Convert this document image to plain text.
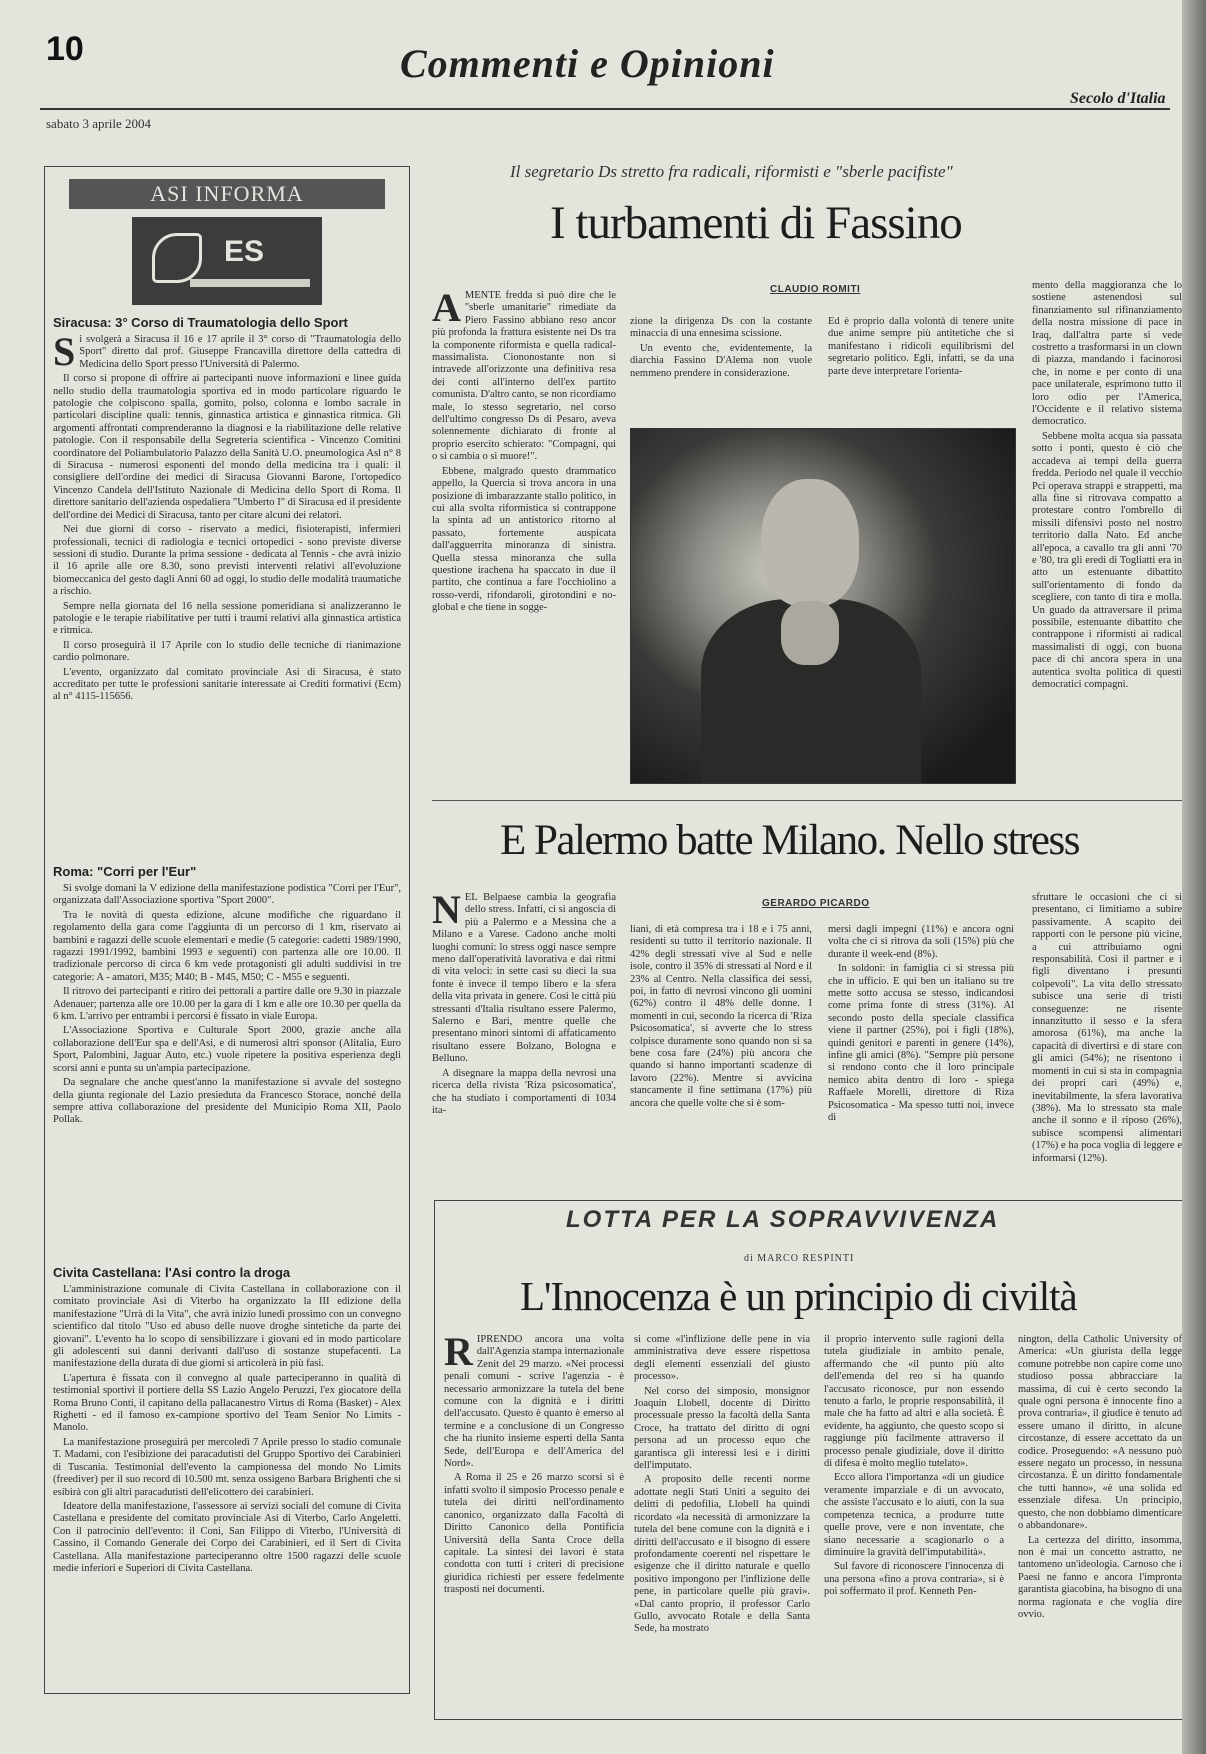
10	Commenti e Opinioni
Secolo d'Italia
sabato 3 aprile 2004
ASI INFORMA
ES
Siracusa: 3° Corso di Traumatologia dello Sport

Si svolgerà a Siracusa il 16 e 17 aprile il 3° corso di "Traumatologia dello Sport" diretto dal prof. Giuseppe Francavilla direttore della cattedra di Medicina dello Sport presso l'Università di Palermo.

Il corso si propone di offrire ai partecipanti nuove informazioni e linee guida nello studio della traumatologia sportiva ed in modo particolare riguardo le patologie che colpiscono spalla, gomito, polso, colonna e lombo sacrale in particolari discipline quali: tennis, ginnastica artistica e ginnastica ritmica. Gli argomenti affrontati comprenderanno la diagnosi e la riabilitazione delle relative patologie. Con il responsabile della Segreteria scientifica - Vincenzo Comitini coordinatore del Poliambulatorio Palazzo della Sanità U.O. pneumologica Asl n° 8 di Siracusa - numerosi esponenti del mondo della medicina tra i quali: il consigliere dell'ordine dei medici di Siracusa Giovanni Barone, l'ortopedico Vincenzo Candela dell'Istituto Nazionale di Medicina dello Sport di Roma. Il direttore sanitario dell'azienda ospedaliera "Umberto I" di Siracusa ed il presidente dell'ordine dei Medici di Siracusa, tanto per citare alcuni dei relatori.

Nei due giorni di corso - riservato a medici, fisioterapisti, infermieri professionali, tecnici di radiologia e tecnici ortopedici - sono previste diverse sessioni di studio. Durante la prima sessione - dedicata al Tennis - che avrà inizio il 16 aprile alle ore 8.30, sono previsti interventi relativi all'evoluzione biomeccanica del gesto dagli Anni 60 ad oggi, lo studio delle modalità traumatiche a rischio.

Sempre nella giornata del 16 nella sessione pomeridiana si analizzeranno le patologie e le terapie riabilitative per tutti i traumi relativi alla ginnastica artistica e ritmica.

Il corso proseguirà il 17 Aprile con lo studio delle tecniche di rianimazione cardio polmonare.

L'evento, organizzato dal comitato provinciale Asi di Siracusa, è stato accreditato per tutte le professioni sanitarie interessate ai Crediti formativi (Ecm) al n° 4115-115656.

Roma: "Corri per l'Eur"

Si svolge domani la V edizione della manifestazione podistica "Corri per l'Eur", organizzata dall'Associazione sportiva "Sport 2000".

Tra le novità di questa edizione, alcune modifiche che riguardano il regolamento della gara come l'aggiunta di un percorso di 1 km, riservato ai bambini e ragazzi delle scuole elementari e medie (5 categorie: cadetti 1989/1990, ragazzi 1991/1992, bambini 1993 e seguenti) con partenza alle ore 10.00. Il tradizionale percorso di circa 6 km vede protagonisti gli adulti suddivisi in tre categorie: A - amatori, M35; M40; B - M45, M50; C - M55 e seguenti.

Il ritrovo dei partecipanti e ritiro dei pettorali a partire dalle ore 9.30 in piazzale Adenauer; partenza alle ore 10.00 per la gara di 1 km e alle ore 10.30 per quella da 6 km. L'arrivo per entrambi i percorsi è fissato in viale Europa.

L'Associazione Sportiva e Culturale Sport 2000, grazie anche alla collaborazione dell'Eur spa e dell'Asi, e di numerosi altri sponsor (Alitalia, Euro Sport, Palombini, Jaguar Auto, etc.) vuole ripetere la positiva esperienza degli scorsi anni e punta su un'ampia partecipazione.

Da segnalare che anche quest'anno la manifestazione si avvale del sostegno della giunta regionale del Lazio presieduta da Francesco Storace, nonché della sempre attiva collaborazione del presidente del Municipio Roma XII, Paolo Pollak.

Civita Castellana: l'Asi contro la droga

L'amministrazione comunale di Civita Castellana in collaborazione con il comitato provinciale Asi di Viterbo ha organizzato la III edizione della manifestazione "Urrà di la Vita", che avrà inizio lunedì prossimo con un convegno scientifico dal titolo "Uso ed abuso delle nuove droghe sintetiche da parte dei giovani". L'evento ha lo scopo di sensibilizzare i giovani ed in modo particolare gli adolescenti sui danni derivanti dall'uso di sostanze stupefacenti. La manifestazione della durata di due giorni si articolerà in più fasi.

L'apertura è fissata con il convegno al quale parteciperanno in qualità di testimonial sportivi il portiere della SS Lazio Angelo Peruzzi, l'ex giocatore della Roma Bruno Conti, il capitano della pallacanestro Virtus di Roma (Basket) - Alex Righetti - ed il famoso ex-campione sportivo del Team Senior No Limits - Manolo.

La manifestazione proseguirà per mercoledì 7 Aprile presso lo stadio comunale T. Madami, con l'esibizione dei paracadutisti del Gruppo Sportivo dei Carabinieri di Tuscania. Testimonial dell'evento la campionessa del mondo No Limits (freediver) per il suo record di 10.500 mt. senza ossigeno Barbara Brighenti che si esibirà con gli altri paracadutisti dell'elicottero dei carabinieri.

Ideatore della manifestazione, l'assessore ai servizi sociali del comune di Civita Castellana e presidente del comitato provinciale Asi di Viterbo, Carlo Angeletti. Con il patrocinio dell'evento: il Coni, San Filippo di Viterbo, l'Università di Cassino, il Comando Generale dei Corpo dei Carabinieri, ed il Sert di Civita Castellana. Alla manifestazione parteciperanno oltre 1500 ragazzi delle scuole medie inferiori e Superiori di Civita Castellana.

Il segretario Ds stretto fra radicali, riformisti e "sberle pacifiste"
I turbamenti di Fassino
CLAUDIO ROMITI

AMENTE fredda si può dire che le "sberle umanitarie" rimediate da Piero Fassino abbiano reso ancor più profonda la frattura esistente nei Ds tra la componente riformista e quella radical-massimalista. Ciononostante non si intravede all'orizzonte una definitiva resa dei conti all'interno dell'ex partito comunista. D'altro canto, se non ricordiamo male, lo stesso segretario, nel corso dell'ultimo congresso Ds di Pesaro, aveva solennemente dichiarato di fronte al proprio esercito schierato: "Compagni, qui o si cambia o si muore!".

Ebbene, malgrado questo drammatico appello, la Quercia si trova ancora in una posizione di imbarazzante stallo politico, in cui alla svolta riformistica si contrappone la spinta ad un antistorico ritorno al passato, fortemente auspicata dall'agguerrita minoranza di sinistra. Quella stessa minoranza che sulla questione irachena ha spaccato in due il partito, che continua a fare l'occhiolino a rosso-verdi, rifondaroli, girotondini e no-global e che tiene in sogge-

zione la dirigenza Ds con la costante minaccia di una ennesima scissione.

Un evento che, evidentemente, la diarchia Fassino D'Alema non vuole nemmeno prendere in considerazione.

Ed è proprio dalla volontà di tenere unite due anime sempre più antitetiche che si manifestano i ridicoli equilibrismi del segretario politico. Egli, infatti, se da una parte deve interpretare l'orienta-

mento della maggioranza che lo sostiene astenendosi sul finanziamento sul rifinanziamento della nostra missione di pace in Iraq, dall'altra parte si vede costretto a trasformarsi in un clown di piazza, mandando i facinorosi che, in nome e per conto di una pace unilaterale, esprimono tutto il loro odio per l'America, l'Occidente e il relativo sistema democratico.

Sebbene molta acqua sia passata sotto i ponti, questo è ciò che accadeva ai tempi della guerra fredda. Periodo nel quale il vecchio Pci operava strappi e strappetti, ma alla fine si ritrovava compatto a protestare contro l'ombrello di missili difensivi posto nel nostro territorio dalla Nato. Ed anche all'epoca, a cavallo tra gli anni '70 e '80, tra gli eredi di Togliatti era in atto un estenuante dibattito sull'orientamento di fondo da scegliere, con tanto di tira e molla. Un guado da attraversare il prima possibile, estenuante dibattito che contrappone i riformisti ai radical massimalisti di oggi, con buona pace di chi ancora spera in una autentica svolta politica di questi democratici compagni.

Piero Fassino
E Palermo batte Milano. Nello stress
GERARDO PICARDO

NEL Belpaese cambia la geografia dello stress. Infatti, ci si angoscia di più a Palermo e a Messina che a Milano e a Varese. Cadono anche molti luoghi comuni: lo stress oggi nasce sempre meno dall'operatività lavorativa e dai ritmi di vita veloci: in sette casi su dieci la sua fonte è invece il tempo libero e la sfera della vita privata in genere. Così le città più stressanti d'Italia risultano essere Palermo, Salerno e Bari, mentre quelle che presentano minori sintomi di affaticamento risultano essere Bolzano, Bologna e Belluno.

A disegnare la mappa della nevrosi una ricerca della rivista 'Riza psicosomatica', che ha studiato i comportamenti di 1034 ita-

liani, di età compresa tra i 18 e i 75 anni, residenti su tutto il territorio nazionale. Il 42% degli stressati vive al Sud e nelle isole, contro il 35% di stressati al Nord e il 23% al Centro. Nella classifica dei sessi, poi, in fatto di nevrosi vincono gli uomini (62%) contro il 48% delle donne. I momenti in cui, secondo la ricerca di 'Riza Psicosomatica', si avverte che lo stress colpisce duramente sono quando non si sa bene cosa fare (24%) più ancora che quando si hanno importanti scadenze di lavoro (22%). Mentre si avvicina stancamente il fine settimana (17%) più ancora che quelle volte che si è som-

mersi dagli impegni (11%) e ancora ogni volta che ci si ritrova da soli (15%) più che durante il week-end (8%).

In soldoni: in famiglia ci si stressa più che in ufficio. E qui ben un italiano su tre mette sotto accusa se stesso, indicandosi come prima fonte di stress (31%). Al secondo posto della speciale classifica viene il partner (25%), poi i figli (18%), quindi genitori e parenti in genere (14%), infine gli amici (8%). "Sempre più persone si rendono conto che il loro principale nemico abita dentro di loro - spiega Raffaele Morelli, direttore di Riza Psicosomatica - Ma spesso tutti noi, invece di

sfruttare le occasioni che ci si presentano, ci limitiamo a subire passivamente. A scapito dei rapporti con le persone più vicine, a cui attribuiamo ogni responsabilità. Così il partner e i figli diventano i presunti colpevoli". La vita dello stressato subisce una serie di tristi conseguenze: ne risente innanzitutto il sesso e la sfera amorosa (61%), ma anche la capacità di divertirsi e di stare con gli amici (54%); ne risentono i momenti in cui si sta in compagnia dei propri cari (49%) e, inevitabilmente, la sfera lavorativa (38%). Ma lo stressato sta male anche il sonno e il riposo (26%), subisce scompensi alimentari (17%) e ha poca voglia di leggere e informarsi (12%).

LOTTA PER LA SOPRAVVIVENZA
di MARCO RESPINTI
L'Innocenza è un principio di civiltà

RIPRENDO ancora una volta dall'Agenzia stampa internazionale Zenit del 29 marzo. «Nei processi penali comuni - scrive l'agenzia - è necessario armonizzare la tutela del bene comune con la dignità e i diritti dell'accusato. Questo è quanto è emerso al termine e a conclusione di un Congresso che ha riunito insieme esperti della Santa Sede, dell'Europa e dell'America del Nord».

A Roma il 25 e 26 marzo scorsi si è infatti svolto il simposio Processo penale e tutela dei diritti nell'ordinamento canonico, organizzato dalla Facoltà di Diritto Canonico della Pontificia Università della Santa Croce della capitale. La sintesi dei lavori è stata condotta con tutti i criteri di precisione giuridica richiesti per essere fedelmente trasposti nei documenti.

si come «l'inflizione delle pene in via amministrativa deve essere rispettosa degli elementi essenziali del giusto processo».

Nel corso del simposio, monsignor Joaquín Llobell, docente di Diritto processuale presso la facoltà della Santa Croce, ha trattato del diritto di ogni persona ad un processo equo che garantisca gli interessi lesi e i diritti dell'imputato.

A proposito delle recenti norme adottate negli Stati Uniti a seguito dei delitti di pedofilia, Llobell ha quindi ricordato «la necessità di armonizzare la tutela del bene comune con la dignità e i diritti dell'accusato e il bisogno di essere profondamente coerenti nel rispettare le esigenze che il diritto naturale e quello positivo impongono per l'inflizione delle pene, in particolare quelle più gravi». «Dal canto proprio, il professor Carlo Gullo, avvocato Rotale e della Santa Sede, ha mostrato

il proprio intervento sulle ragioni della tutela giudiziale in ambito penale, affermando che «il punto più alto dell'emenda del reo si ha quando l'accusato riconosce, pur non essendo tenuto a farlo, le proprie responsabilità, il male che ha fatto ad altri e alla società. È evidente, ha aggiunto, che questo scopo si raggiunge più facilmente attraverso il processo penale giudiziale, dove il diritto di difesa è molto meglio tutelato».

Ecco allora l'importanza «di un giudice veramente imparziale e di un avvocato, che assiste l'accusato e lo aiuti, con la sua competenza tecnica, a produrre tutte quelle prove, vere e non inventate, che siano necessarie a scagionarlo o a diminuire la gravità dell'imputabilità».

Sul favore di riconoscere l'innocenza di una persona «fino a prova contraria», si è poi soffermato il prof. Kenneth Pen-

nington, della Catholic University of America: «Un giurista della legge comune potrebbe non capire come uno studioso possa abbracciare la massima, di cui è certo secondo la quale ogni persona è innocente fino a prova contraria», il giudice è tenuto ad essere umano il diritto, in alcune circostanze, di essere accettato da un codice. Proseguendo: «A nessuno può essere negato un processo, in nessuna circostanza. È un diritto fondamentale che tutti hanno», «è una solida ed essenziale difesa. Un principio, questo, che non dobbiamo dimenticare o abbandonare».

La certezza del diritto, insomma, non è mai un concetto astratto, ne tantomeno un'ideologia. Carnoso che i Paesi ne fanno e ancora l'impronta garantista giacobina, ha bisogno di una norma ragionata e che voglia dire ovvio.
